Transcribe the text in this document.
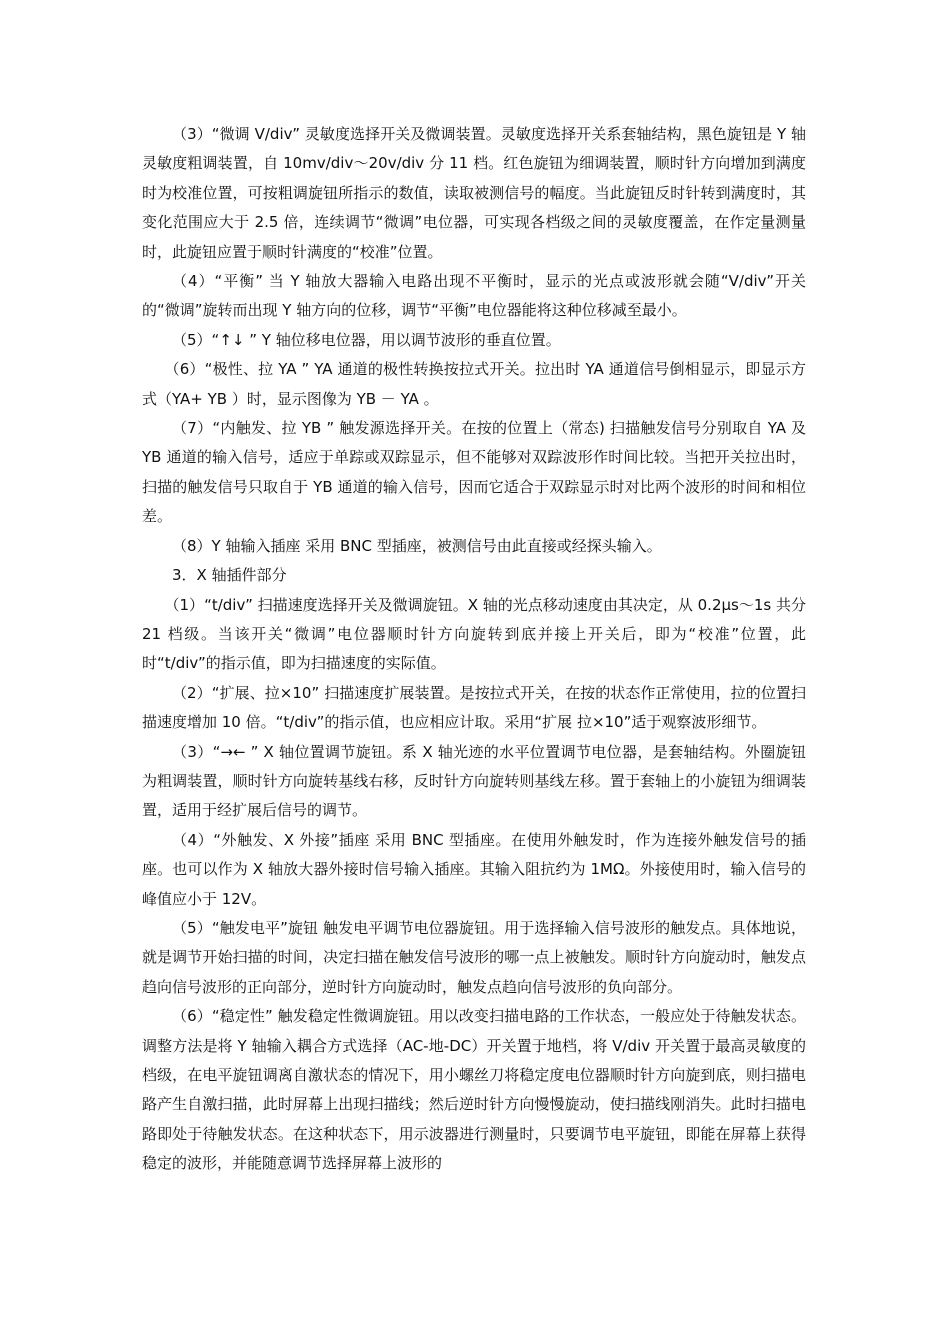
（3）“微调 V/div” 灵敏度选择开关及微调装置。灵敏度选择开关系套轴结构，黑色旋钮是 Y 轴灵敏度粗调装置，自 10mv/div～20v/div 分 11 档。红色旋钮为细调装置，顺时针方向增加到满度时为校准位置，可按粗调旋钮所指示的数值，读取被测信号的幅度。当此旋钮反时针转到满度时，其变化范围应大于 2.5 倍，连续调节“微调”电位器，可实现各档级之间的灵敏度覆盖，在作定量测量时，此旋钮应置于顺时针满度的“校准”位置。

（4）“平衡” 当 Y 轴放大器输入电路出现不平衡时，显示的光点或波形就会随“V/div”开关的“微调”旋转而出现 Y 轴方向的位移，调节“平衡”电位器能将这种位移减至最小。

（5）“↑↓ ” Y 轴位移电位器，用以调节波形的垂直位置。

（6）“极性、拉 YA ” YA 通道的极性转换按拉式开关。拉出时 YA 通道信号倒相显示，即显示方式（YA+ YB ）时，显示图像为 YB － YA 。

（7）“内触发、拉 YB ” 触发源选择开关。在按的位置上（常态) 扫描触发信号分别取自 YA 及 YB 通道的输入信号，适应于单踪或双踪显示，但不能够对双踪波形作时间比较。当把开关拉出时，扫描的触发信号只取自于 YB 通道的输入信号，因而它适合于双踪显示时对比两个波形的时间和相位差。

（8）Y 轴输入插座 采用 BNC 型插座，被测信号由此直接或经探头输入。

3．X 轴插件部分

（1）“t/div” 扫描速度选择开关及微调旋钮。X 轴的光点移动速度由其决定，从 0.2μs～1s 共分 21 档级。当该开关“微调”电位器顺时针方向旋转到底并接上开关后，即为“校准”位置，此时“t/div”的指示值，即为扫描速度的实际值。

（2）“扩展、拉×10” 扫描速度扩展装置。是按拉式开关，在按的状态作正常使用，拉的位置扫描速度增加 10 倍。“t/div”的指示值，也应相应计取。采用“扩展 拉×10”适于观察波形细节。

（3）“→← ” X 轴位置调节旋钮。系 X 轴光迹的水平位置调节电位器，是套轴结构。外圈旋钮为粗调装置，顺时针方向旋转基线右移，反时针方向旋转则基线左移。置于套轴上的小旋钮为细调装置，适用于经扩展后信号的调节。

（4）“外触发、X 外接”插座 采用 BNC 型插座。在使用外触发时，作为连接外触发信号的插座。也可以作为 X 轴放大器外接时信号输入插座。其输入阻抗约为 1MΩ。外接使用时，输入信号的峰值应小于 12V。

（5）“触发电平”旋钮 触发电平调节电位器旋钮。用于选择输入信号波形的触发点。具体地说，就是调节开始扫描的时间，决定扫描在触发信号波形的哪一点上被触发。顺时针方向旋动时，触发点趋向信号波形的正向部分，逆时针方向旋动时，触发点趋向信号波形的负向部分。

（6）“稳定性” 触发稳定性微调旋钮。用以改变扫描电路的工作状态，一般应处于待触发状态。调整方法是将 Y 轴输入耦合方式选择（AC-地-DC）开关置于地档，将 V/div 开关置于最高灵敏度的档级，在电平旋钮调离自激状态的情况下，用小螺丝刀将稳定度电位器顺时针方向旋到底，则扫描电路产生自激扫描，此时屏幕上出现扫描线；然后逆时针方向慢慢旋动，使扫描线刚消失。此时扫描电路即处于待触发状态。在这种状态下，用示波器进行测量时，只要调节电平旋钮，即能在屏幕上获得稳定的波形，并能随意调节选择屏幕上波形的
